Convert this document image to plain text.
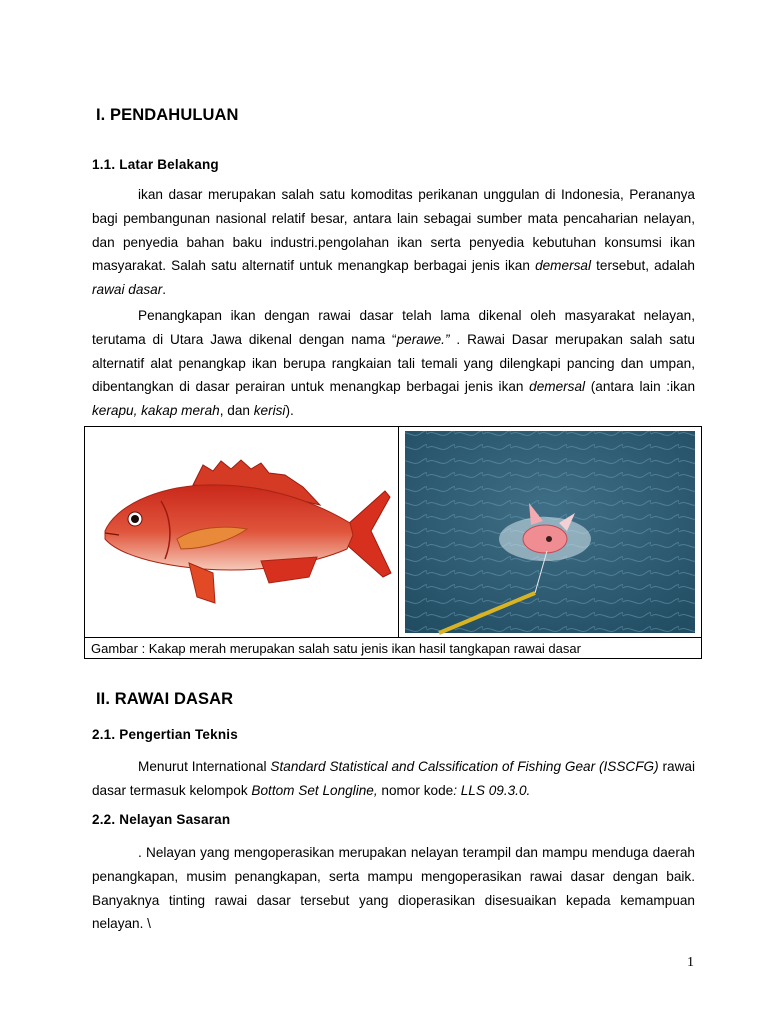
I. PENDAHULUAN
1.1. Latar Belakang

ikan dasar merupakan salah satu komoditas perikanan unggulan di Indonesia, Perananya bagi pembangunan nasional relatif besar, antara lain sebagai sumber mata pencaharian nelayan, dan penyedia bahan baku industri.pengolahan ikan serta penyedia kebutuhan konsumsi ikan masyarakat. Salah satu alternatif untuk menangkap berbagai jenis ikan demersal tersebut, adalah rawai dasar.

Penangkapan ikan dengan rawai dasar telah lama dikenal oleh masyarakat nelayan, terutama di Utara Jawa dikenal dengan nama “perawe.” . Rawai Dasar merupakan salah satu alternatif alat penangkap ikan berupa rangkaian tali temali yang dilengkapi pancing dan umpan, dibentangkan di dasar perairan untuk menangkap berbagai jenis ikan demersal (antara lain :ikan kerapu, kakap merah, dan kerisi).

Gambar : Kakap merah merupakan salah satu jenis ikan hasil tangkapan rawai dasar
II. RAWAI DASAR
2.1. Pengertian Teknis

Menurut International Standard Statistical and Calssification of Fishing Gear (ISSCFG) rawai dasar termasuk kelompok Bottom Set Longline, nomor kode: LLS 09.3.0.

2.2. Nelayan Sasaran

. Nelayan yang mengoperasikan merupakan nelayan terampil dan mampu menduga daerah penangkapan, musim penangkapan, serta mampu mengoperasikan rawai dasar dengan baik. Banyaknya tinting rawai dasar tersebut yang dioperasikan disesuaikan kepada kemampuan nelayan. \

1
